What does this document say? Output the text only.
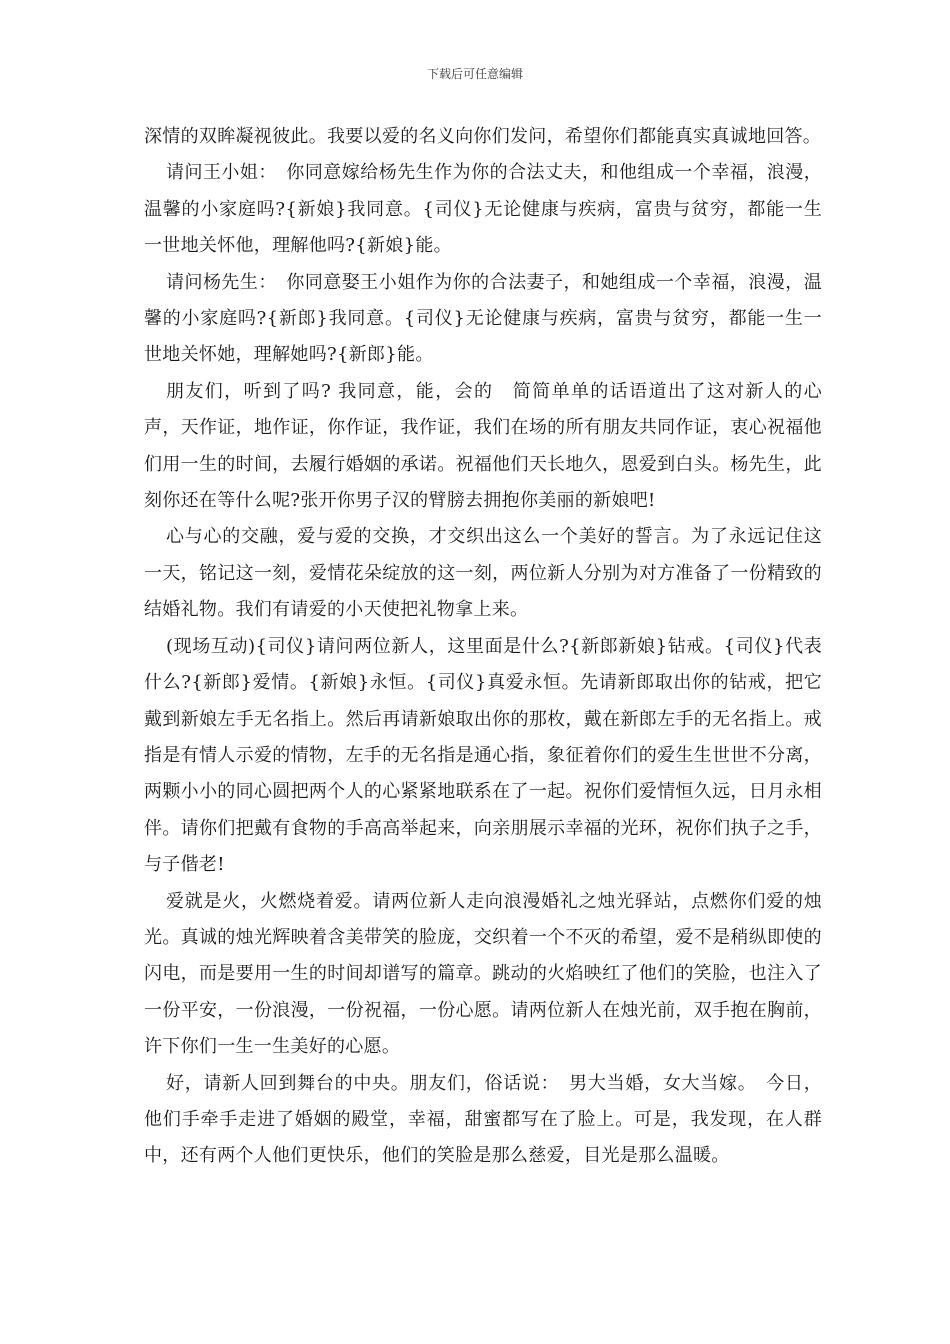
下载后可任意编辑

深情的双眸凝视彼此。我要以爱的名义向你们发问，希望你们都能真实真诚地回答。

请问王小姐：　你同意嫁给杨先生作为你的合法丈夫，和他组成一个幸福，浪漫，温馨的小家庭吗?{新娘}我同意。{司仪}无论健康与疾病，富贵与贫穷，都能一生一世地关怀他，理解他吗?{新娘}能。

请问杨先生：　你同意娶王小姐作为你的合法妻子，和她组成一个幸福，浪漫，温馨的小家庭吗?{新郎}我同意。{司仪}无论健康与疾病，富贵与贫穷，都能一生一世地关怀她，理解她吗?{新郎}能。

朋友们，听到了吗? 我同意，能，会的　简简单单的话语道出了这对新人的心声，天作证，地作证，你作证，我作证，我们在场的所有朋友共同作证，衷心祝福他们用一生的时间，去履行婚姻的承诺。祝福他们天长地久，恩爱到白头。杨先生，此刻你还在等什么呢?张开你男子汉的臂膀去拥抱你美丽的新娘吧!

心与心的交融，爱与爱的交换，才交织出这么一个美好的誓言。为了永远记住这一天，铭记这一刻，爱情花朵绽放的这一刻，两位新人分别为对方准备了一份精致的结婚礼物。我们有请爱的小天使把礼物拿上来。

(现场互动){司仪}请问两位新人，这里面是什么?{新郎新娘}钻戒。{司仪}代表什么?{新郎}爱情。{新娘}永恒。{司仪}真爱永恒。先请新郎取出你的钻戒，把它戴到新娘左手无名指上。然后再请新娘取出你的那枚，戴在新郎左手的无名指上。戒指是有情人示爱的情物，左手的无名指是通心指，象征着你们的爱生生世世不分离，两颗小小的同心圆把两个人的心紧紧地联系在了一起。祝你们爱情恒久远，日月永相伴。请你们把戴有食物的手高高举起来，向亲朋展示幸福的光环，祝你们执子之手，与子偕老!

爱就是火，火燃烧着爱。请两位新人走向浪漫婚礼之烛光驿站，点燃你们爱的烛光。真诚的烛光辉映着含美带笑的脸庞，交织着一个不灭的希望，爱不是稍纵即使的闪电，而是要用一生的时间却谱写的篇章。跳动的火焰映红了他们的笑脸，也注入了一份平安，一份浪漫，一份祝福，一份心愿。请两位新人在烛光前，双手抱在胸前，许下你们一生一生美好的心愿。

好，请新人回到舞台的中央。朋友们，俗话说：　男大当婚，女大当嫁。　今日，他们手牵手走进了婚姻的殿堂，幸福，甜蜜都写在了脸上。可是，我发现，在人群中，还有两个人他们更快乐，他们的笑脸是那么慈爱，目光是那么温暖。
